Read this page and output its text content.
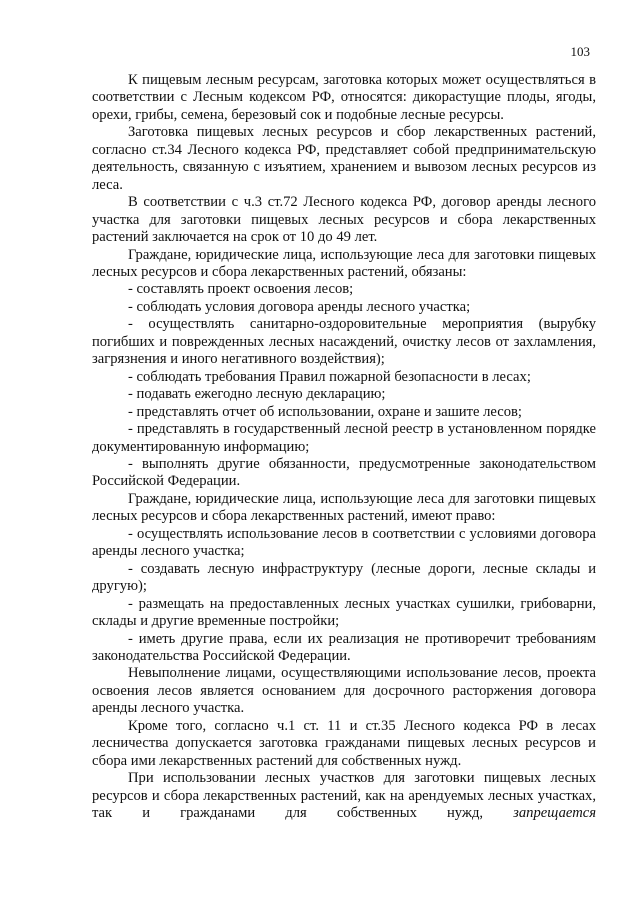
103

К пищевым лесным ресурсам, заготовка которых может осуществляться в соответствии с Лесным кодексом РФ, относятся: дикорастущие плоды, ягоды, орехи, грибы, семена, березовый сок и подобные лесные ресурсы.

Заготовка пищевых лесных ресурсов и сбор лекарственных растений, согласно ст.34 Лесного кодекса РФ, представляет собой предпринимательскую деятельность, связанную с изъятием, хранением и вывозом лесных ресурсов из леса.

В соответствии с ч.3 ст.72 Лесного кодекса РФ, договор аренды лесного участка для заготовки пищевых лесных ресурсов и сбора лекарственных растений заключается на срок от 10 до 49 лет.

Граждане, юридические лица, использующие леса для заготовки пищевых лесных ресурсов и сбора лекарственных растений, обязаны:

- составлять проект освоения лесов;

- соблюдать условия договора аренды лесного участка;

- осуществлять санитарно-оздоровительные мероприятия (вырубку погибших и поврежденных лесных насаждений, очистку лесов от захламления, загрязнения и иного негативного воздействия);

- соблюдать требования Правил пожарной безопасности в лесах;

- подавать ежегодно лесную декларацию;

- представлять отчет об использовании, охране и зашите лесов;

- представлять в государственный лесной реестр в установленном порядке документированную информацию;

- выполнять другие обязанности, предусмотренные законодательством Российской Федерации.

Граждане, юридические лица, использующие леса для заготовки пищевых лесных ресурсов и сбора лекарственных растений, имеют право:

- осуществлять использование лесов в соответствии с условиями договора аренды лесного участка;

- создавать лесную инфраструктуру (лесные дороги, лесные склады и другую);

- размещать на предоставленных лесных участках сушилки, грибоварни, склады и другие временные постройки;

- иметь другие права, если их реализация не противоречит требованиям законодательства Российской Федерации.

Невыполнение лицами, осуществляющими использование лесов, проекта освоения лесов является основанием для досрочного расторжения договора аренды лесного участка.

Кроме того, согласно ч.1 ст. 11 и ст.35 Лесного кодекса РФ в лесах лесничества допускается заготовка гражданами пищевых лесных ресурсов и сбора ими лекарственных растений для собственных нужд.

При использовании лесных участков для заготовки пищевых лесных ресурсов и сбора лекарственных растений, как на арендуемых лесных участках, так и гражданами для собственных нужд, запрещается
